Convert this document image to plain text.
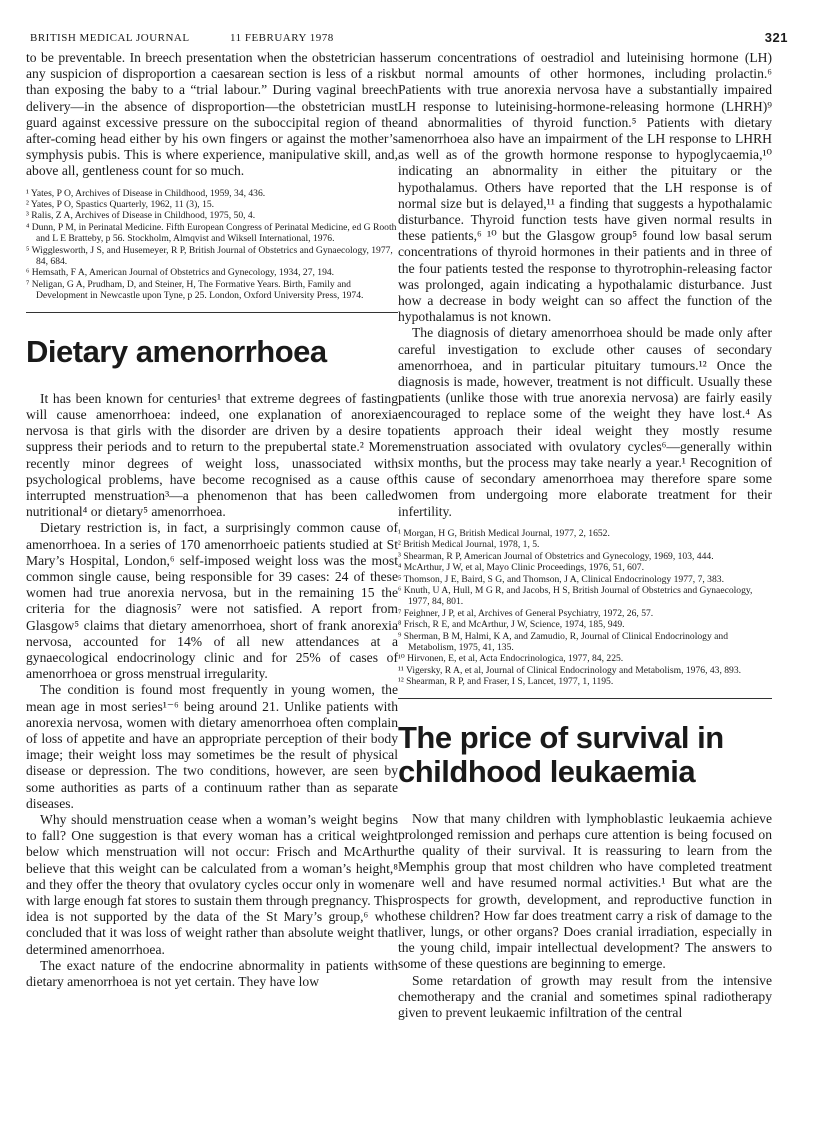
BRITISH MEDICAL JOURNAL	11 FEBRUARY 1978	321

to be preventable. In breech presentation when the obstetrician has any suspicion of disproportion a caesarean section is less of a risk than exposing the baby to a “trial labour.” During vaginal breech delivery—in the absence of disproportion—the obstetrician must guard against excessive pressure on the suboccipital region of the after-coming head either by his own fingers or against the mother’s symphysis pubis. This is where experience, manipulative skill, and, above all, gentleness count for so much.

¹ Yates, P O, Archives of Disease in Childhood, 1959, 34, 436.
² Yates, P O, Spastics Quarterly, 1962, 11 (3), 15.
³ Ralis, Z A, Archives of Disease in Childhood, 1975, 50, 4.
⁴ Dunn, P M, in Perinatal Medicine. Fifth European Congress of Perinatal Medicine, ed G Rooth and L E Bratteby, p 56. Stockholm, Almqvist and Wiksell International, 1976.
⁵ Wigglesworth, J S, and Husemeyer, R P, British Journal of Obstetrics and Gynaecology, 1977, 84, 684.
⁶ Hemsath, F A, American Journal of Obstetrics and Gynecology, 1934, 27, 194.
⁷ Neligan, G A, Prudham, D, and Steiner, H, The Formative Years. Birth, Family and Development in Newcastle upon Tyne, p 25. London, Oxford University Press, 1974.
Dietary amenorrhoea

It has been known for centuries¹ that extreme degrees of fasting will cause amenorrhoea: indeed, one explanation of anorexia nervosa is that girls with the disorder are driven by a desire to suppress their periods and to return to the prepubertal state.² More recently minor degrees of weight loss, unassociated with psychological problems, have become recognised as a cause of interrupted menstruation³—a phenomenon that has been called nutritional⁴ or dietary⁵ amenorrhoea.

Dietary restriction is, in fact, a surprisingly common cause of amenorrhoea. In a series of 170 amenorrhoeic patients studied at St Mary’s Hospital, London,⁶ self-imposed weight loss was the most common single cause, being responsible for 39 cases: 24 of these women had true anorexia nervosa, but in the remaining 15 the criteria for the diagnosis⁷ were not satisfied. A report from Glasgow⁵ claims that dietary amenorrhoea, short of frank anorexia nervosa, accounted for 14% of all new attendances at a gynaecological endocrinology clinic and for 25% of cases of amenorrhoea or gross menstrual irregularity.

The condition is found most frequently in young women, the mean age in most series¹⁻⁶ being around 21. Unlike patients with anorexia nervosa, women with dietary amenorrhoea often complain of loss of appetite and have an appropriate perception of their body image; their weight loss may sometimes be the result of physical disease or depression. The two conditions, however, are seen by some authorities as parts of a continuum rather than as separate diseases.

Why should menstruation cease when a woman’s weight begins to fall? One suggestion is that every woman has a critical weight below which menstruation will not occur: Frisch and McArthur believe that this weight can be calculated from a woman’s height,⁸ and they offer the theory that ovulatory cycles occur only in women with large enough fat stores to sustain them through pregnancy. This idea is not supported by the data of the St Mary’s group,⁶ who concluded that it was loss of weight rather than absolute weight that determined amenorrhoea.

The exact nature of the endocrine abnormality in patients with dietary amenorrhoea is not yet certain. They have low

serum concentrations of oestradiol and luteinising hormone (LH) but normal amounts of other hormones, including prolactin.⁶ Patients with true anorexia nervosa have a substantially impaired LH response to luteinising-hormone-releasing hormone (LHRH)⁹ and abnormalities of thyroid function.⁵ Patients with dietary amenorrhoea also have an impairment of the LH response to LHRH as well as of the growth hormone response to hypoglycaemia,¹⁰ indicating an abnormality in either the pituitary or the hypothalamus. Others have reported that the LH response is of normal size but is delayed,¹¹ a finding that suggests a hypothalamic disturbance. Thyroid function tests have given normal results in these patients,⁶ ¹⁰ but the Glasgow group⁵ found low basal serum concentrations of thyroid hormones in their patients and in three of the four patients tested the response to thyrotrophin-releasing factor was prolonged, again indicating a hypothalamic disturbance. Just how a decrease in body weight can so affect the function of the hypothalamus is not known.

The diagnosis of dietary amenorrhoea should be made only after careful investigation to exclude other causes of secondary amenorrhoea, and in particular pituitary tumours.¹² Once the diagnosis is made, however, treatment is not difficult. Usually these patients (unlike those with true anorexia nervosa) are fairly easily encouraged to replace some of the weight they have lost.⁴ As patients approach their ideal weight they mostly resume menstruation associated with ovulatory cycles⁶—generally within six months, but the process may take nearly a year.¹ Recognition of this cause of secondary amenorrhoea may therefore spare some women from undergoing more elaborate treatment for their infertility.

¹ Morgan, H G, British Medical Journal, 1977, 2, 1652.
² British Medical Journal, 1978, 1, 5.
³ Shearman, R P, American Journal of Obstetrics and Gynecology, 1969, 103, 444.
⁴ McArthur, J W, et al, Mayo Clinic Proceedings, 1976, 51, 607.
⁵ Thomson, J E, Baird, S G, and Thomson, J A, Clinical Endocrinology 1977, 7, 383.
⁶ Knuth, U A, Hull, M G R, and Jacobs, H S, British Journal of Obstetrics and Gynaecology, 1977, 84, 801.
⁷ Feighner, J P, et al, Archives of General Psychiatry, 1972, 26, 57.
⁸ Frisch, R E, and McArthur, J W, Science, 1974, 185, 949.
⁹ Sherman, B M, Halmi, K A, and Zamudio, R, Journal of Clinical Endocrinology and Metabolism, 1975, 41, 135.
¹⁰ Hirvonen, E, et al, Acta Endocrinologica, 1977, 84, 225.
¹¹ Vigersky, R A, et al, Journal of Clinical Endocrinology and Metabolism, 1976, 43, 893.
¹² Shearman, R P, and Fraser, I S, Lancet, 1977, 1, 1195.
The price of survival in childhood leukaemia

Now that many children with lymphoblastic leukaemia achieve prolonged remission and perhaps cure attention is being focused on the quality of their survival. It is reassuring to learn from the Memphis group that most children who have completed treatment are well and have resumed normal activities.¹ But what are the prospects for growth, development, and reproductive function in these children? How far does treatment carry a risk of damage to the liver, lungs, or other organs? Does cranial irradiation, especially in the young child, impair intellectual development? The answers to some of these questions are beginning to emerge.

Some retardation of growth may result from the intensive chemotherapy and the cranial and sometimes spinal radiotherapy given to prevent leukaemic infiltration of the central
